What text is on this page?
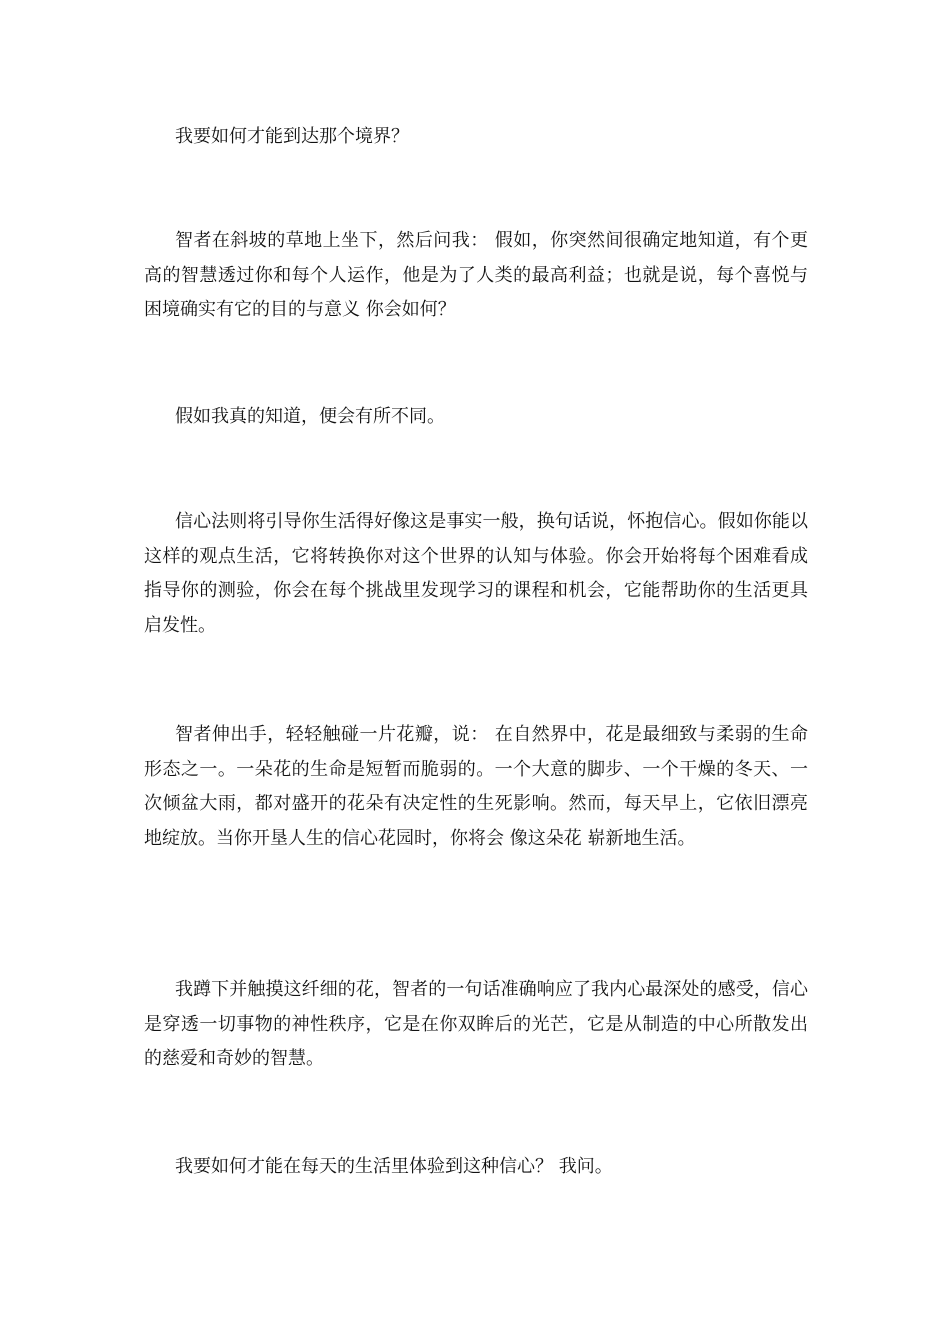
我要如何才能到达那个境界？

智者在斜坡的草地上坐下，然后问我： 假如，你突然间很确定地知道，有个更高的智慧透过你和每个人运作，他是为了人类的最高利益；也就是说，每个喜悦与困境确实有它的目的与意义 你会如何？

假如我真的知道，便会有所不同。

信心法则将引导你生活得好像这是事实一般，换句话说，怀抱信心。假如你能以这样的观点生活，它将转换你对这个世界的认知与体验。你会开始将每个困难看成指导你的测验，你会在每个挑战里发现学习的课程和机会，它能帮助你的生活更具启发性。

智者伸出手，轻轻触碰一片花瓣，说： 在自然界中，花是最细致与柔弱的生命形态之一。一朵花的生命是短暂而脆弱的。一个大意的脚步、一个干燥的冬天、一次倾盆大雨，都对盛开的花朵有决定性的生死影响。然而，每天早上，它依旧漂亮地绽放。当你开垦人生的信心花园时，你将会 像这朵花 崭新地生活。

我蹲下并触摸这纤细的花，智者的一句话准确响应了我内心最深处的感受，信心是穿透一切事物的神性秩序，它是在你双眸后的光芒，它是从制造的中心所散发出的慈爱和奇妙的智慧。

我要如何才能在每天的生活里体验到这种信心？ 我问。
